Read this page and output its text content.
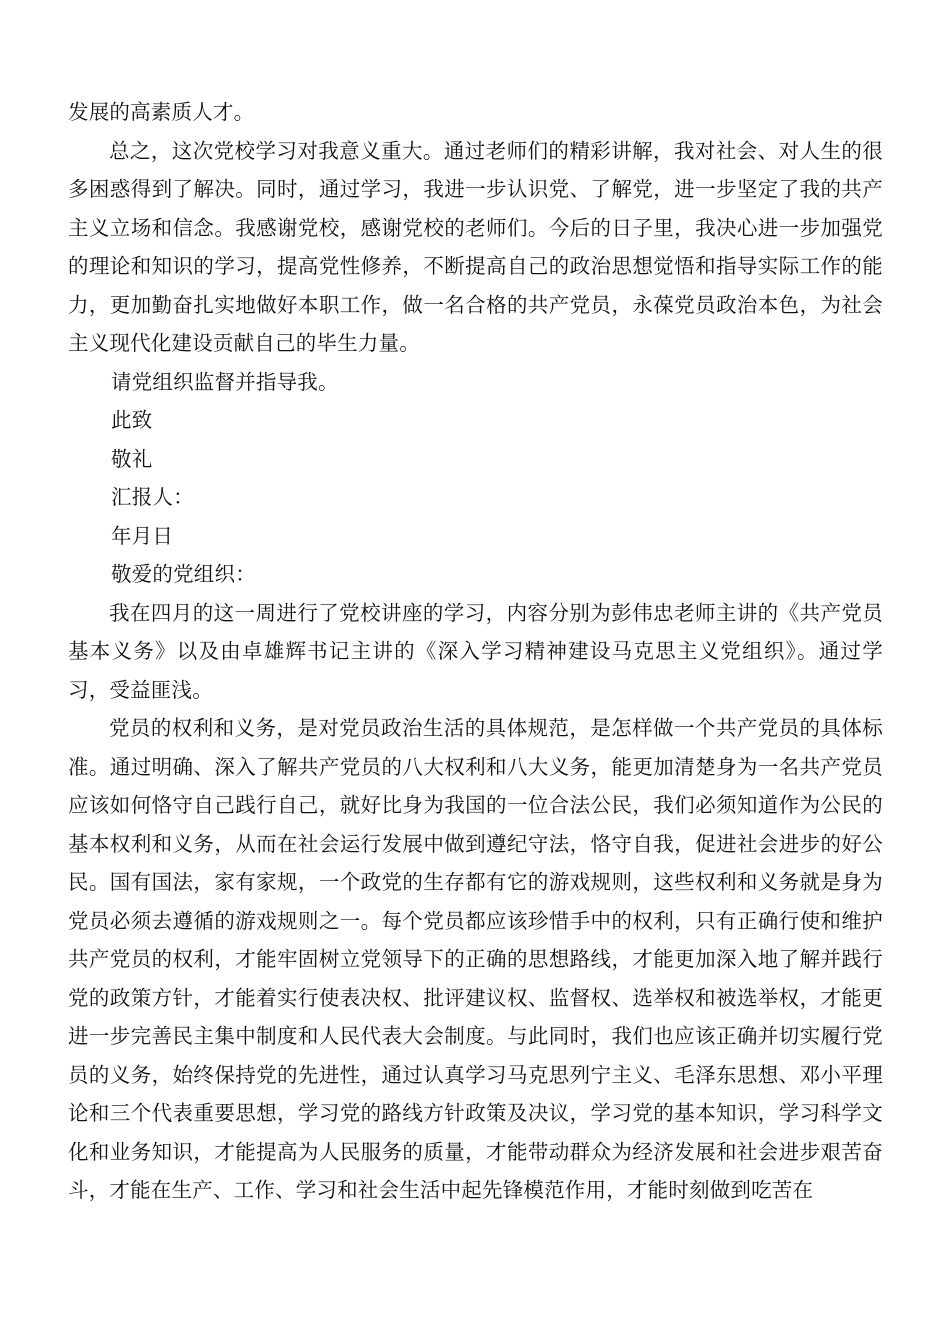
发展的高素质人才。

总之，这次党校学习对我意义重大。通过老师们的精彩讲解，我对社会、对人生的很多困惑得到了解决。同时，通过学习，我进一步认识党、了解党，进一步坚定了我的共产主义立场和信念。我感谢党校，感谢党校的老师们。今后的日子里，我决心进一步加强党的理论和知识的学习，提高党性修养，不断提高自己的政治思想觉悟和指导实际工作的能力，更加勤奋扎实地做好本职工作，做一名合格的共产党员，永葆党员政治本色，为社会主义现代化建设贡献自己的毕生力量。

请党组织监督并指导我。

此致

敬礼

汇报人：

年月日

敬爱的党组织：

我在四月的这一周进行了党校讲座的学习，内容分别为彭伟忠老师主讲的《共产党员基本义务》以及由卓雄辉书记主讲的《深入学习精神建设马克思主义党组织》。通过学习，受益匪浅。

党员的权利和义务，是对党员政治生活的具体规范，是怎样做一个共产党员的具体标准。通过明确、深入了解共产党员的八大权利和八大义务，能更加清楚身为一名共产党员应该如何恪守自己践行自己，就好比身为我国的一位合法公民，我们必须知道作为公民的基本权利和义务，从而在社会运行发展中做到遵纪守法，恪守自我，促进社会进步的好公民。国有国法，家有家规，一个政党的生存都有它的游戏规则，这些权利和义务就是身为党员必须去遵循的游戏规则之一。每个党员都应该珍惜手中的权利，只有正确行使和维护共产党员的权利，才能牢固树立党领导下的正确的思想路线，才能更加深入地了解并践行党的政策方针，才能着实行使表决权、批评建议权、监督权、选举权和被选举权，才能更进一步完善民主集中制度和人民代表大会制度。与此同时，我们也应该正确并切实履行党员的义务，始终保持党的先进性，通过认真学习马克思列宁主义、毛泽东思想、邓小平理论和三个代表重要思想，学习党的路线方针政策及决议，学习党的基本知识，学习科学文化和业务知识，才能提高为人民服务的质量，才能带动群众为经济发展和社会进步艰苦奋斗，才能在生产、工作、学习和社会生活中起先锋模范作用，才能时刻做到吃苦在
